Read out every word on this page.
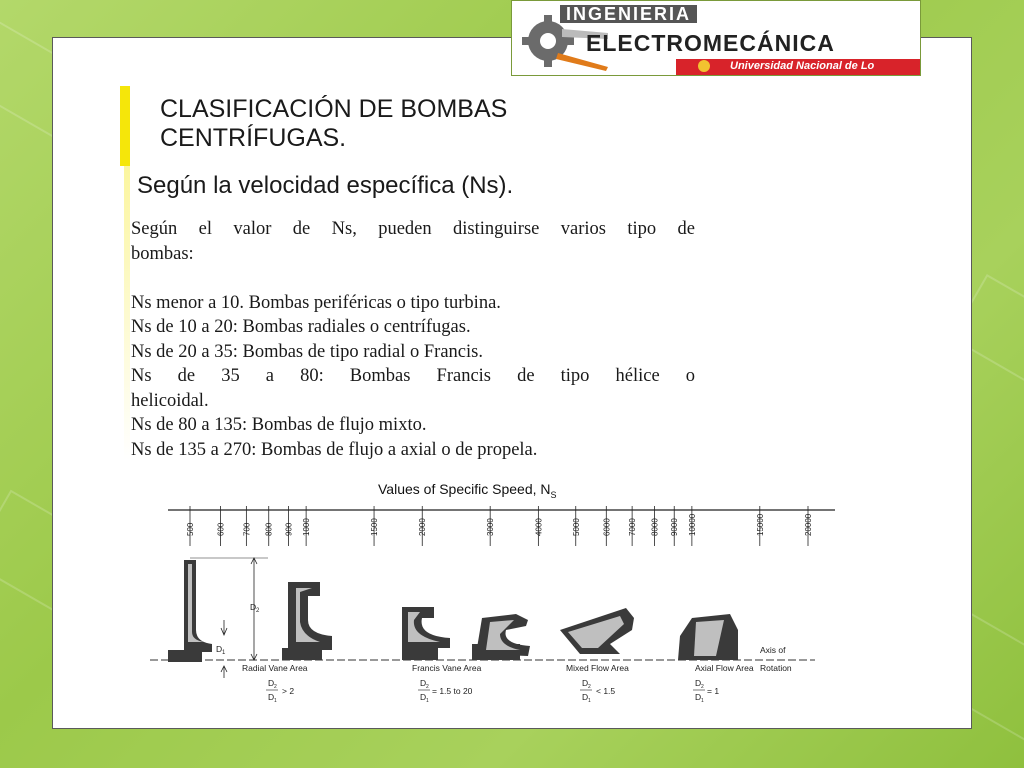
INGENIERIA
ELECTROMECÁNICA
Universidad Nacional de Lo
CLASIFICACIÓN DE BOMBAS
CENTRÍFUGAS.
Según la velocidad específica (Ns).

Según el valor de Ns, pueden distinguirse varios tipo de

bombas:

Ns menor a 10. Bombas periféricas o tipo turbina.

Ns de 10 a 20: Bombas radiales o centrífugas.

Ns de 20 a 35: Bombas de tipo radial o Francis.

Ns de 35 a 80: Bombas Francis de tipo hélice o

helicoidal.

Ns de 80 a 135: Bombas de flujo mixto.

Ns de 135 a 270: Bombas de flujo a axial o de propela.

Values of Specific Speed, $N_S$
500	600 700 800 900 1000	1500	2000	3000	4000	5000	6000 7000 8000 9000 10000	15000	20000
D 2
D 1
Radial Vane Area	Francis Vane Area	Mixed Flow Area	Axial Flow Area
Axis of
Rotation
D 2
D 1
> 2
D 2
D 1
= 1.5 to 20
D 2
D 1
< 1.5
D 2
D 1
= 1
